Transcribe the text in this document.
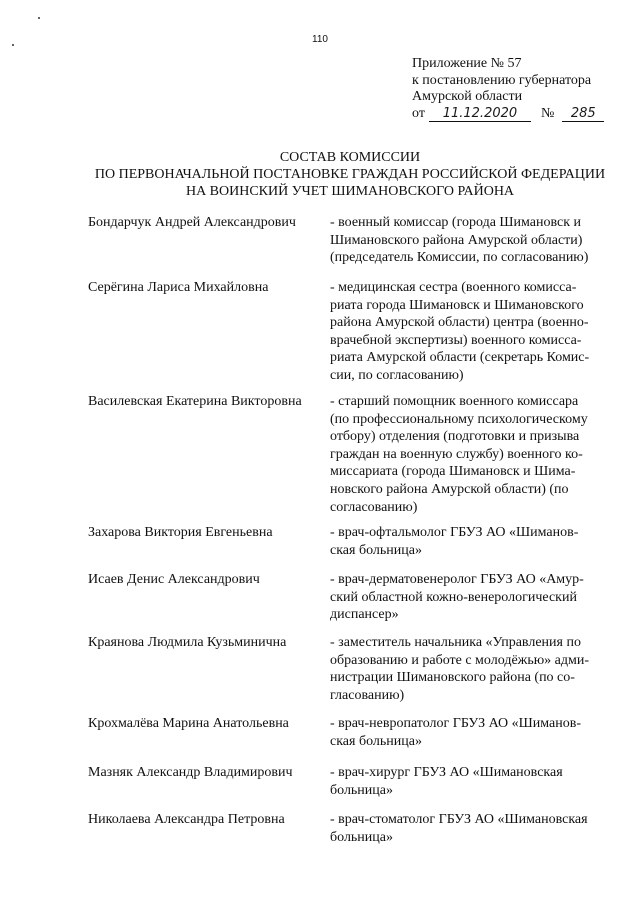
110
Приложение № 57
к постановлению губернатора
Амурской области
от	11.12.2020	№	285
СОСТАВ КОМИССИИ
ПО ПЕРВОНАЧАЛЬНОЙ ПОСТАНОВКЕ ГРАЖДАН РОССИЙСКОЙ ФЕДЕРАЦИИ
НА ВОИНСКИЙ УЧЕТ ШИМАНОВСКОГО РАЙОНА
Бондарчук Андрей Александрович	- военный комиссар (города Шимановск и
Шимановского района Амурской области)
(председатель Комиссии, по согласованию)
Серёгина Лариса Михайловна	- медицинская сестра (военного комисса-
риата города Шимановск и Шимановского
района Амурской области) центра (военно-
врачебной экспертизы) военного комисса-
риата Амурской области (секретарь Комис-
сии, по согласованию)
Василевская Екатерина Викторовна	- старший помощник военного комиссара
(по профессиональному психологическому
отбору) отделения (подготовки и призыва
граждан на военную службу) военного ко-
миссариата (города Шимановск и Шима-
новского района Амурской области) (по
согласованию)
Захарова Виктория Евгеньевна	- врач-офтальмолог ГБУЗ АО «Шиманов-
ская больница»
Исаев Денис Александрович	- врач-дерматовенеролог ГБУЗ АО «Амур-
ский областной кожно-венерологический
диспансер»
Краянова Людмила Кузьминична	- заместитель начальника «Управления по
образованию и работе с молодёжью» адми-
нистрации Шимановского района (по со-
гласованию)
Крохмалёва Марина Анатольевна	- врач-невропатолог ГБУЗ АО «Шиманов-
ская больница»
Мазняк Александр Владимирович	- врач-хирург ГБУЗ АО «Шимановская
больница»
Николаева Александра Петровна	- врач-стоматолог ГБУЗ АО «Шимановская
больница»
